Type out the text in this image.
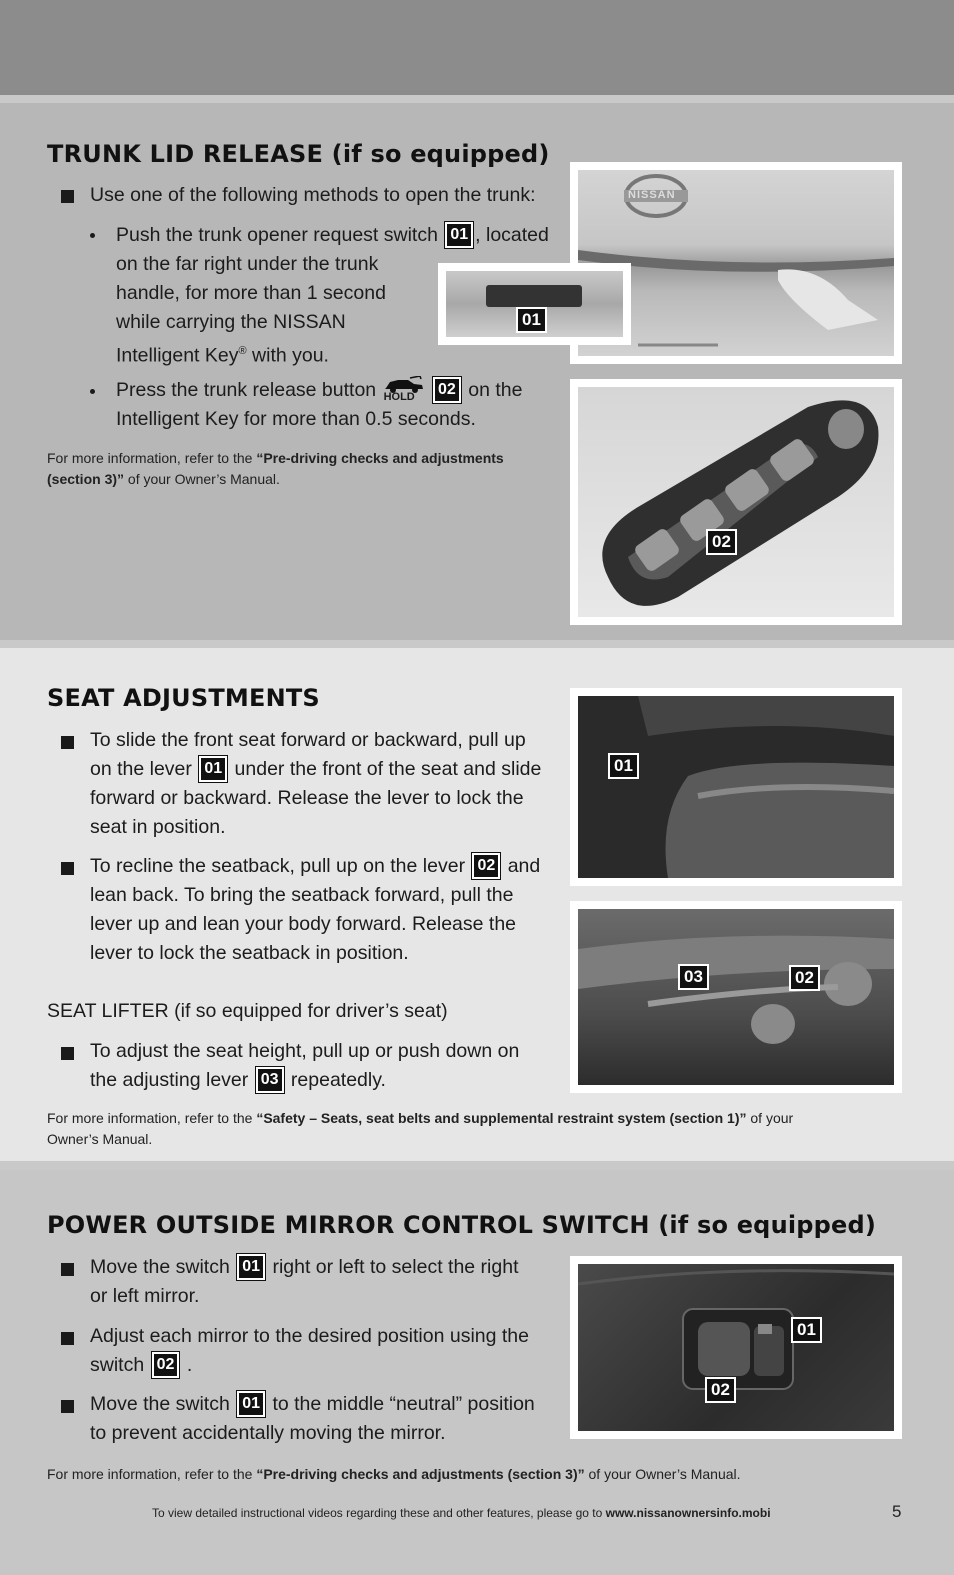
TRUNK LID RELEASE (if so equipped)
Use one of the following methods to open the trunk:
Push the trunk opener request switch 01 , located
on the far right under the trunk
handle, for more than 1 second
while carrying the NISSAN
Intelligent Key® with you.
Press the trunk release button HOLD 02 on the
Intelligent Key for more than 0.5 seconds.
For more information, refer to the “Pre-driving checks and adjustments
(section 3)” of your Owner’s Manual.
NISSAN
01
02
SEAT ADJUSTMENTS
To slide the front seat forward or backward, pull up
on the lever 01 under the front of the seat and slide
forward or backward. Release the lever to lock the
seat in position.
To recline the seatback, pull up on the lever 02 and
lean back. To bring the seatback forward, pull the
lever up and lean your body forward. Release the
lever to lock the seatback in position.
SEAT LIFTER (if so equipped for driver’s seat)
To adjust the seat height, pull up or push down on
the adjusting lever 03 repeatedly.
For more information, refer to the “Safety – Seats, seat belts and supplemental restraint system (section 1)” of your
Owner’s Manual.
01
03	02
POWER OUTSIDE MIRROR CONTROL SWITCH (if so equipped)
Move the switch 01 right or left to select the right
or left mirror.
Adjust each mirror to the desired position using the
switch 02 .
Move the switch 01 to the middle “neutral” position
to prevent accidentally moving the mirror.
For more information, refer to the “Pre-driving checks and adjustments (section 3)” of your Owner’s Manual.
01
02
To view detailed instructional videos regarding these and other features, please go to www.nissanownersinfo.mobi	5
